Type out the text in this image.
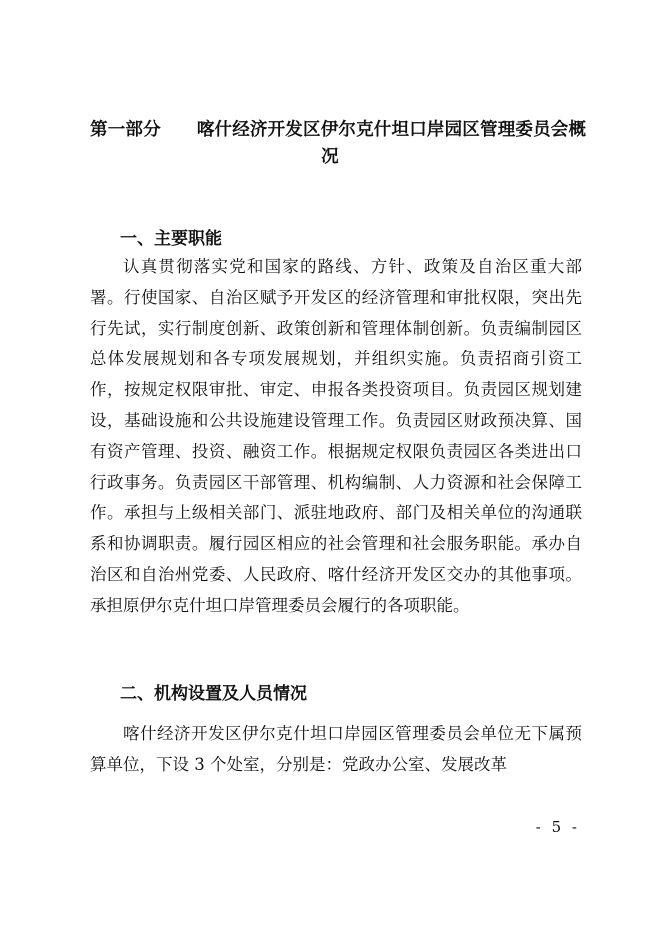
第一部分 喀什经济开发区伊尔克什坦口岸园区管理委员会概
况
一、主要职能

认真贯彻落实党和国家的路线、方针、政策及自治区重大部署。行使国家、自治区赋予开发区的经济管理和审批权限，突出先行先试，实行制度创新、政策创新和管理体制创新。负责编制园区总体发展规划和各专项发展规划，并组织实施。负责招商引资工作，按规定权限审批、审定、申报各类投资项目。负责园区规划建设，基础设施和公共设施建设管理工作。负责园区财政预决算、国有资产管理、投资、融资工作。根据规定权限负责园区各类进出口行政事务。负责园区干部管理、机构编制、人力资源和社会保障工作。承担与上级相关部门、派驻地政府、部门及相关单位的沟通联系和协调职责。履行园区相应的社会管理和社会服务职能。承办自治区和自治州党委、人民政府、喀什经济开发区交办的其他事项。承担原伊尔克什坦口岸管理委员会履行的各项职能。

二、机构设置及人员情况

喀什经济开发区伊尔克什坦口岸园区管理委员会单位无下属预算单位，下设 3 个处室，分别是：党政办公室、发展改革

- 5 -
